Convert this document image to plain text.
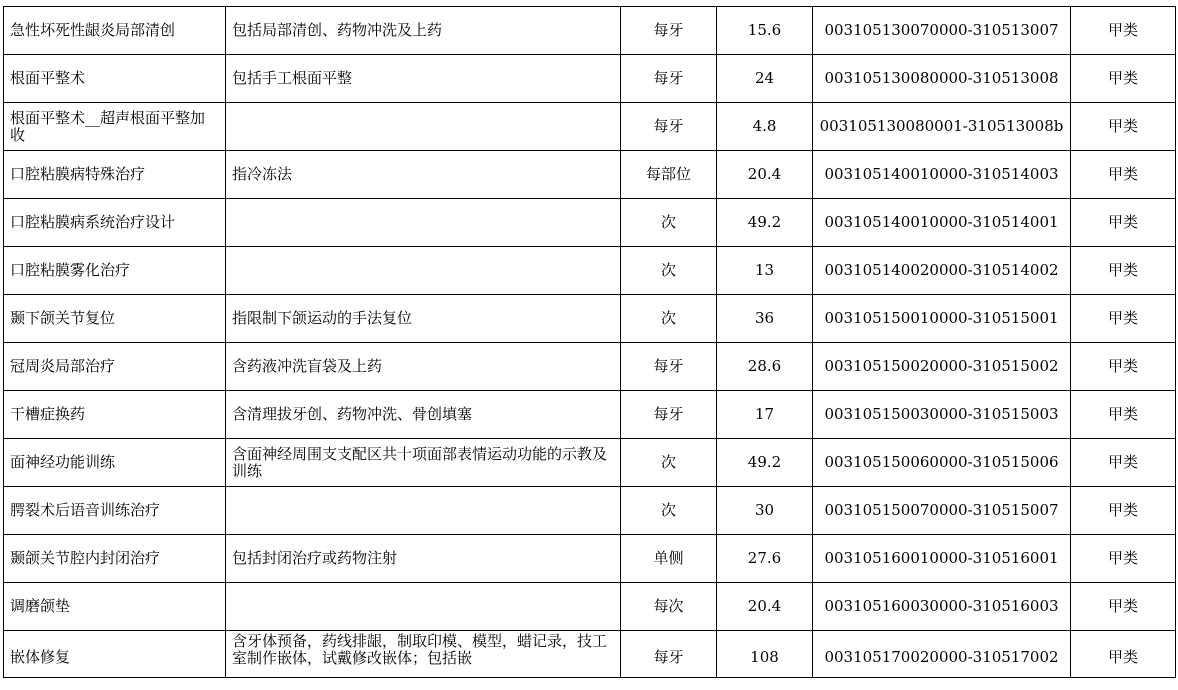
急性坏死性龈炎局部清创	包括局部清创、药物冲洗及上药	每牙	15.6	003105130070000-310513007	甲类
根面平整术	包括手工根面平整	每牙	24	003105130080000-310513008	甲类
根面平整术__超声根面平整加收		每牙	4.8	003105130080001-310513008b	甲类
口腔粘膜病特殊治疗	指冷冻法	每部位	20.4	003105140010000-310514003	甲类
口腔粘膜病系统治疗设计		次	49.2	003105140010000-310514001	甲类
口腔粘膜雾化治疗		次	13	003105140020000-310514002	甲类
颞下颌关节复位	指限制下颌运动的手法复位	次	36	003105150010000-310515001	甲类
冠周炎局部治疗	含药液冲洗盲袋及上药	每牙	28.6	003105150020000-310515002	甲类
干槽症换药	含清理拔牙创、药物冲洗、骨创填塞	每牙	17	003105150030000-310515003	甲类
面神经功能训练	含面神经周围支支配区共十项面部表情运动功能的示教及训练	次	49.2	003105150060000-310515006	甲类
腭裂术后语音训练治疗		次	30	003105150070000-310515007	甲类
颞颌关节腔内封闭治疗	包括封闭治疗或药物注射	单侧	27.6	003105160010000-310516001	甲类
调磨颌垫		每次	20.4	003105160030000-310516003	甲类
嵌体修复	含牙体预备，药线排龈，制取印模、模型，蜡记录，技工室制作嵌体，试戴修改嵌体；包括嵌	每牙	108	003105170020000-310517002	甲类
